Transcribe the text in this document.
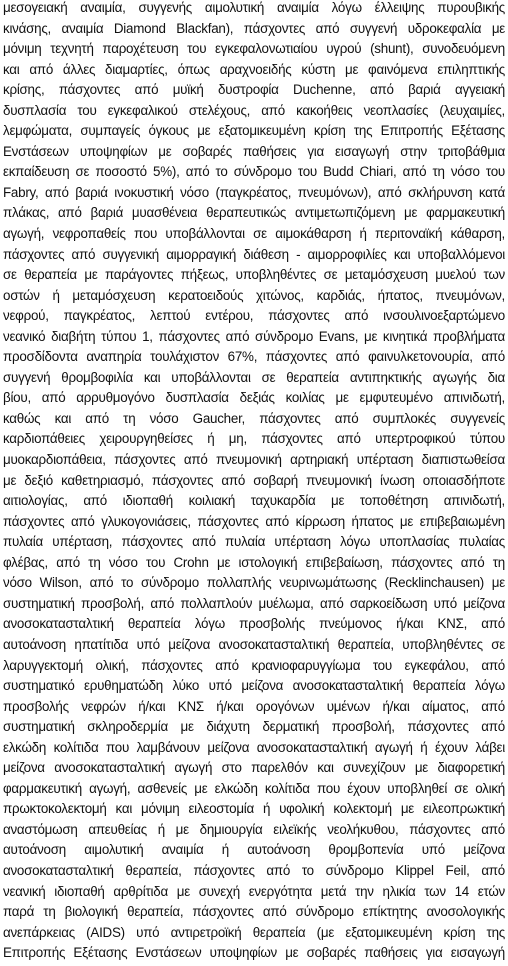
μεσογειακή αναιμία, συγγενής αιμολυτική αναιμία λόγω έλλειψης πυρουβικής
κινάσης, αναιμία Diamond Blackfan), πάσχοντες από συγγενή υδροκεφαλία με
μόνιμη τεχνητή παροχέτευση του εγκεφαλονωτιαίου υγρού (shunt), συνοδευόμενη
και από άλλες διαμαρτίες, όπως αραχνοειδής κύστη με φαινόμενα επιληπτικής
κρίσης, πάσχοντες από μυϊκή δυστροφία Duchenne, από βαριά αγγειακή
δυσπλασία του εγκεφαλικού στελέχους, από κακοήθεις νεοπλασίες (λευχαιμίες,
λεμφώματα, συμπαγείς όγκους με εξατομικευμένη κρίση της Επιτροπής Εξέτασης
Ενστάσεων υποψηφίων με σοβαρές παθήσεις για εισαγωγή στην τριτοβάθμια
εκπαίδευση σε ποσοστό 5%), από το σύνδρομο του Budd Chiari, από τη νόσο του
Fabry, από βαριά ινοκυστική νόσο (παγκρέατος, πνευμόνων), από σκλήρυνση κατά
πλάκας, από βαριά μυασθένεια θεραπευτικώς αντιμετωπιζόμενη με φαρμακευτική
αγωγή, νεφροπαθείς που υποβάλλονται σε αιμοκάθαρση ή περιτοναϊκή κάθαρση,
πάσχοντες από συγγενική αιμορραγική διάθεση - αιμορροφιλίες και υποβαλλόμενοι
σε θεραπεία με παράγοντες πήξεως, υποβληθέντες σε μεταμόσχευση μυελού των
οστών ή μεταμόσχευση κερατοειδούς χιτώνος, καρδιάς, ήπατος, πνευμόνων,
νεφρού, παγκρέατος, λεπτού εντέρου, πάσχοντες από ινσουλινοεξαρτώμενο
νεανικό διαβήτη τύπου 1, πάσχοντες από σύνδρομο Evans, με κινητικά προβλήματα
προσδίδοντα αναπηρία τουλάχιστον 67%, πάσχοντες από φαινυλκετονουρία, από
συγγενή θρομβοφιλία και υποβάλλονται σε θεραπεία αντιπηκτικής αγωγής δια
βίου, από αρρυθμογόνο δυσπλασία δεξιάς κοιλίας με εμφυτευμένο απινιδωτή,
καθώς και από τη νόσο Gaucher, πάσχοντες από συμπλοκές συγγενείς
καρδιοπάθειες χειρουργηθείσες ή μη, πάσχοντες από υπερτροφικού τύπου
μυοκαρδιοπάθεια, πάσχοντες από πνευμονική αρτηριακή υπέρταση διαπιστωθείσα
με δεξιό καθετηριασμό, πάσχοντες από σοβαρή πνευμονική ίνωση οποιασδήποτε
αιτιολογίας, από ιδιοπαθή κοιλιακή ταχυκαρδία με τοποθέτηση απινιδωτή,
πάσχοντες από γλυκογονιάσεις, πάσχοντες από κίρρωση ήπατος με επιβεβαιωμένη
πυλαία υπέρταση, πάσχοντες από πυλαία υπέρταση λόγω υποπλασίας πυλαίας
φλέβας, από τη νόσο του Crohn με ιστολογική επιβεβαίωση, πάσχοντες από τη
νόσο Wilson, από το σύνδρομο πολλαπλής νευρινωμάτωσης (Recklinchausen) με
συστηματική προσβολή, από πολλαπλούν μυέλωμα, από σαρκοείδωση υπό μείζονα
ανοσοκατασταλτική θεραπεία λόγω προσβολής πνεύμονος ή/και ΚΝΣ, από
αυτοάνοση ηπατίτιδα υπό μείζονα ανοσοκατασταλτική θεραπεία, υποβληθέντες σε
λαρυγγεκτομή ολική, πάσχοντες από κρανιοφαρυγγίωμα του εγκεφάλου, από
συστηματικό ερυθηματώδη λύκο υπό μείζονα ανοσοκατασταλτική θεραπεία λόγω
προσβολής νεφρών ή/και ΚΝΣ ή/και ορογόνων υμένων ή/και αίματος, από
συστηματική σκληροδερμία με διάχυτη δερματική προσβολή, πάσχοντες από
ελκώδη κολίτιδα που λαμβάνουν μείζονα ανοσοκατασταλτική αγωγή ή έχουν λάβει
μείζονα ανοσοκατασταλτική αγωγή στο παρελθόν και συνεχίζουν με διαφορετική
φαρμακευτική αγωγή, ασθενείς με ελκώδη κολίτιδα που έχουν υποβληθεί σε ολική
πρωκτοκολεκτομή και μόνιμη ειλεοστομία ή υφολική κολεκτομή με ειλεοπρωκτική
αναστόμωση απευθείας ή με δημιουργία ειλεϊκής νεολήκυθου, πάσχοντες από
αυτοάνοση αιμολυτική αναιμία ή αυτοάνοση θρομβοπενία υπό μείζονα
ανοσοκατασταλτική θεραπεία, πάσχοντες από το σύνδρομο Klippel Feil, από
νεανική ιδιοπαθή αρθρίτιδα με συνεχή ενεργότητα μετά την ηλικία των 14 ετών
παρά τη βιολογική θεραπεία, πάσχοντες από σύνδρομο επίκτητης ανοσολογικής
ανεπάρκειας (AIDS) υπό αντιρετροϊκή θεραπεία (με εξατομικευμένη κρίση της
Επιτροπής Εξέτασης Ενστάσεων υποψηφίων με σοβαρές παθήσεις για εισαγωγή
